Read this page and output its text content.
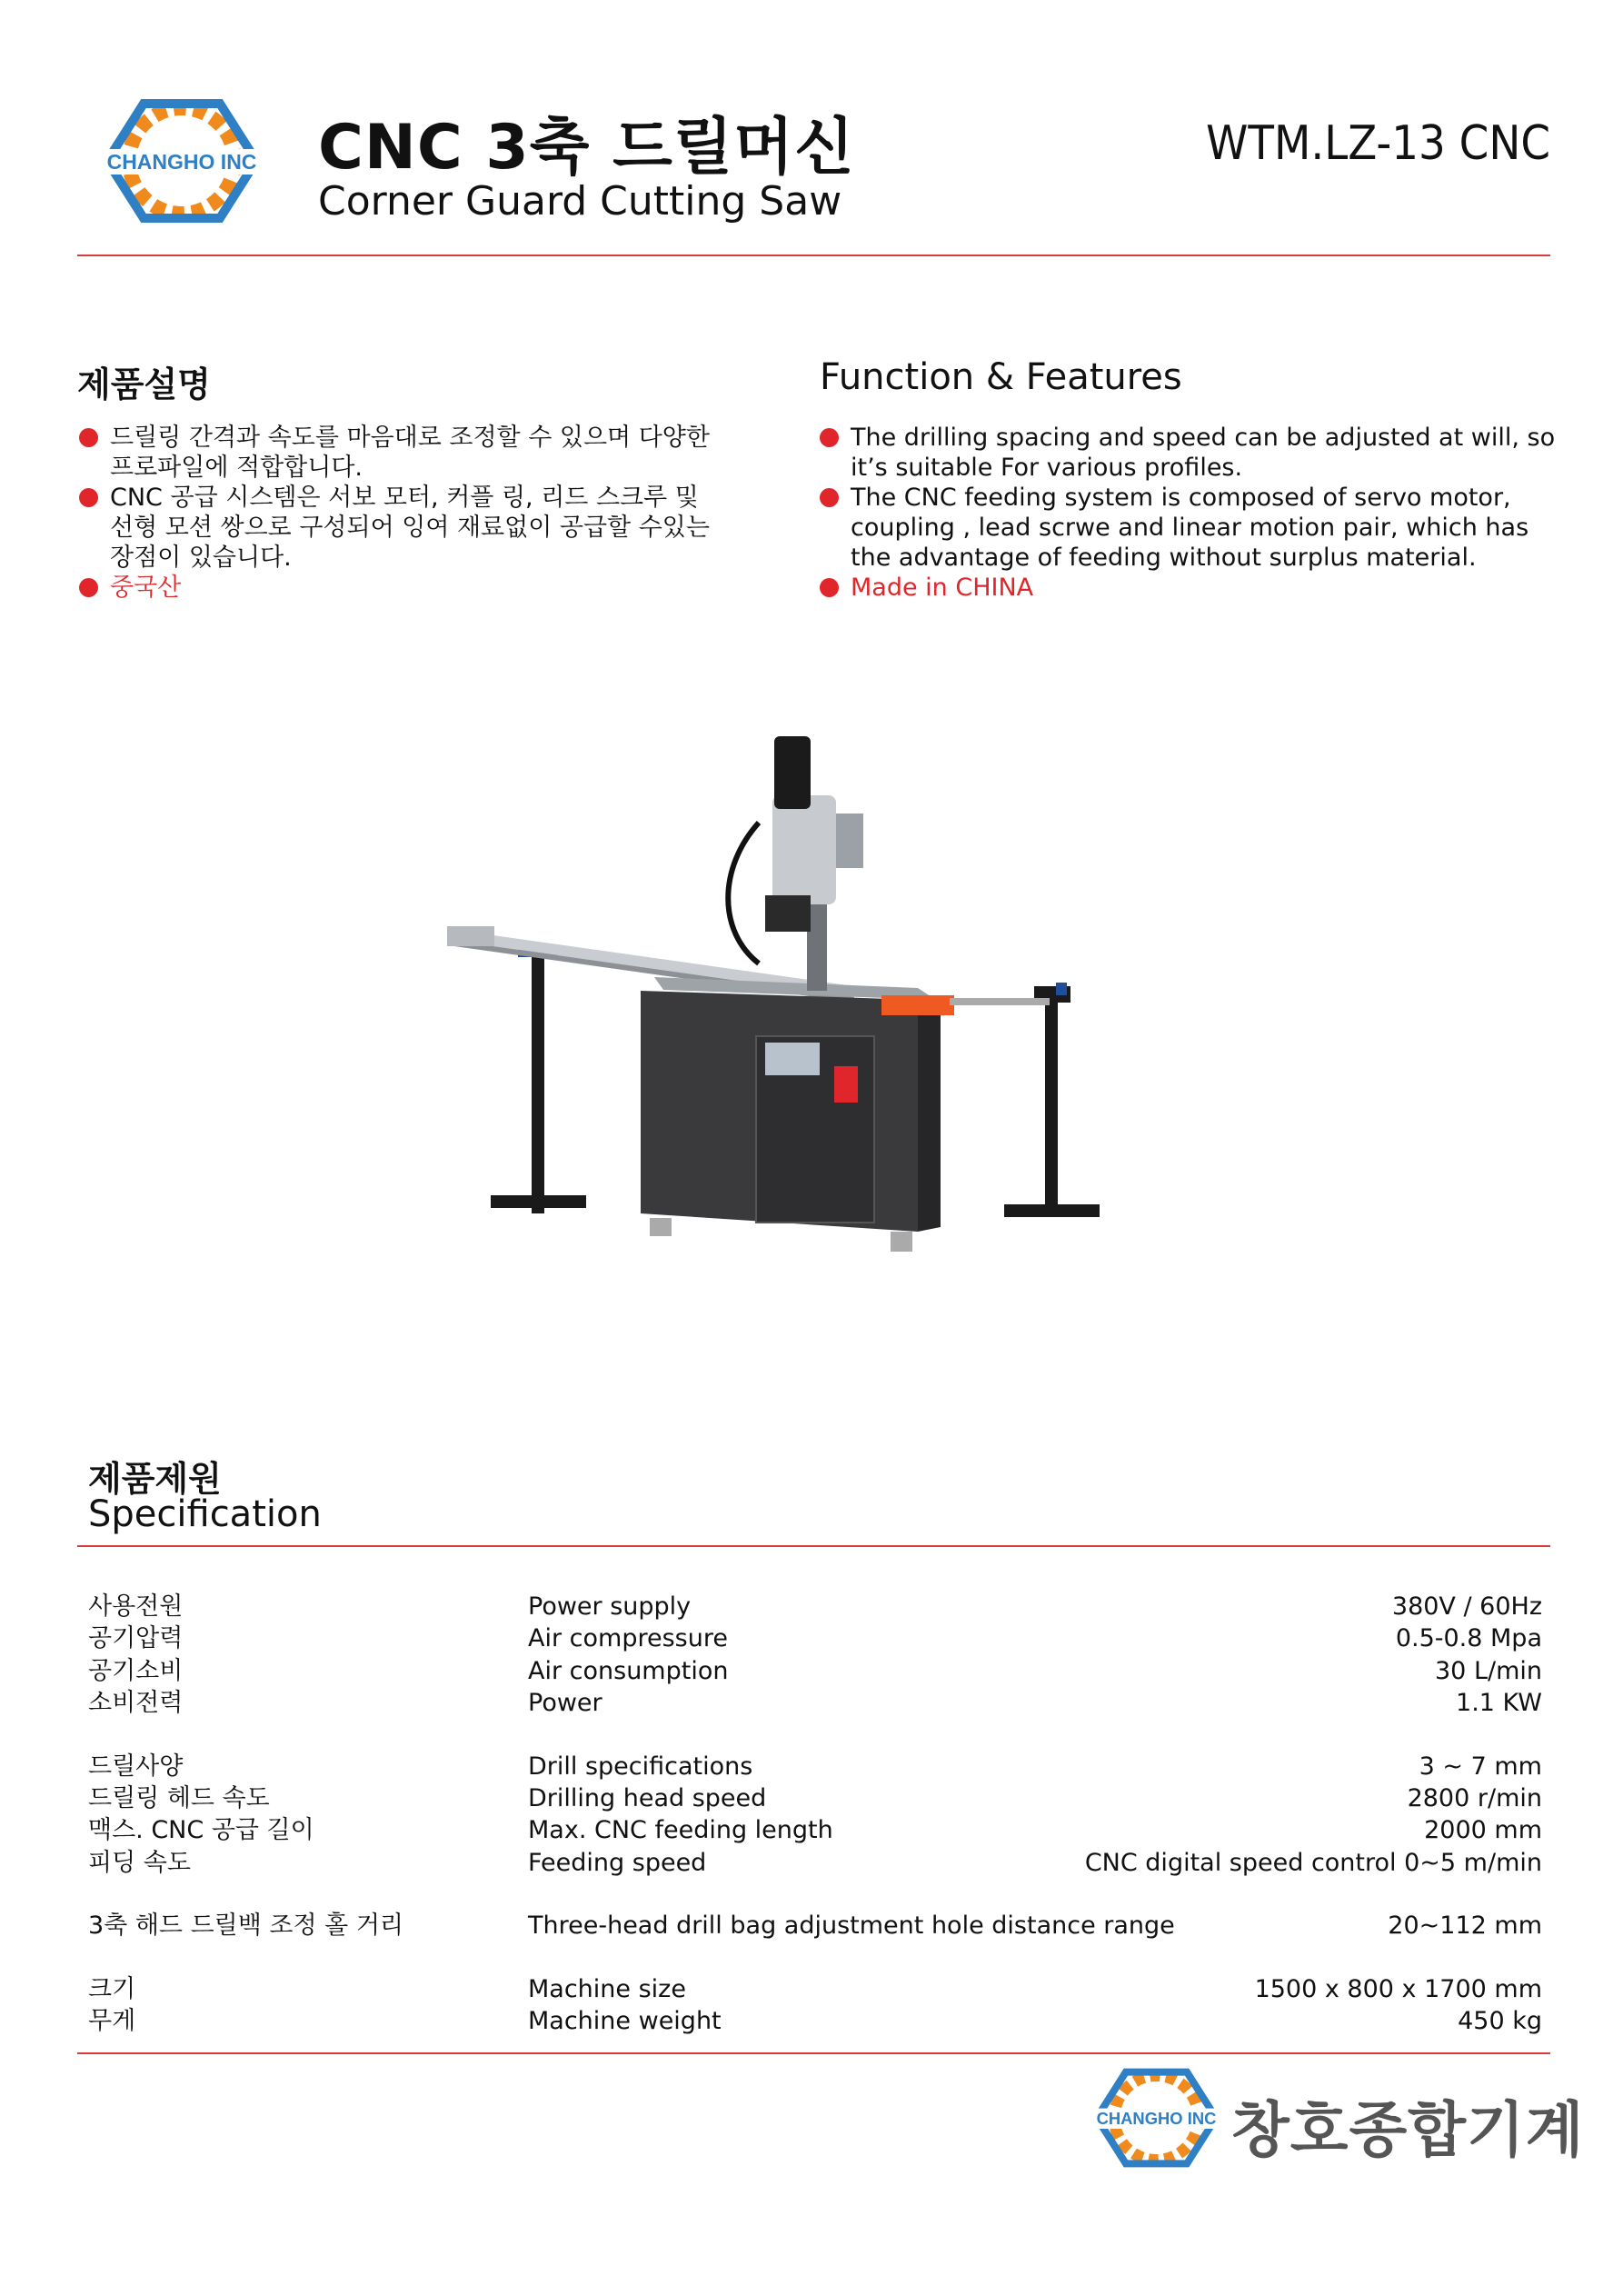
CHANGHO INC CNC 3축 드릴머신
Corner Guard Cutting Saw
WTM.LZ-13 CNC
제품설명	Function & Features
드릴링 간격과 속도를 마음대로 조정할 수 있으며 다양한 프로파일에 적합합니다.
CNC 공급 시스템은 서보 모터, 커플 링, 리드 스크루 및 선형 모션 쌍으로 구성되어 잉여 재료없이 공급할 수있는 장점이 있습니다.
중국산
The drilling spacing and speed can be adjusted at will, so it’s suitable For various profiles.
The CNC feeding system is composed of servo motor, coupling , lead scrwe and linear motion pair, which has the advantage of feeding without surplus material.
Made in CHINA
제품제원
Specification
사용전원	Power supply	380V / 60Hz
공기압력	Air compressure	0.5-0.8 Mpa
공기소비	Air consumption	30 L/min
소비전력	Power	1.1 KW
드릴사양	Drill specifications	3 ~ 7 mm
드릴링 헤드 속도	Drilling head speed	2800 r/min
맥스. CNC 공급 길이	Max. CNC feeding length	2000 mm
피딩 속도	Feeding speed	CNC digital speed control 0~5 m/min
3축 해드 드릴백 조정 홀 거리	Three-head drill bag adjustment hole distance range	20~112 mm
크기	Machine size	1500 x 800 x 1700 mm
무게	Machine weight	450 kg
CHANGHO INC 창호종합기계
